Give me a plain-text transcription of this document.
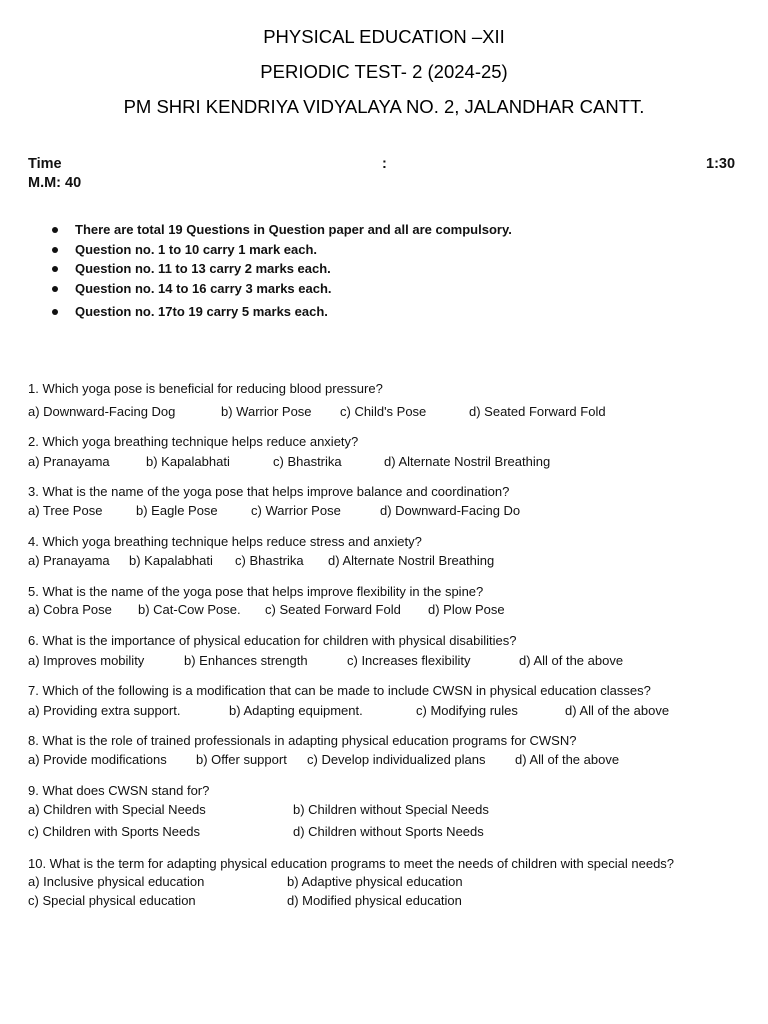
PHYSICAL EDUCATION –XII
PERIODIC TEST- 2 (2024-25)
PM SHRI KENDRIYA VIDYALAYA NO. 2, JALANDHAR CANTT.
Time	:	1:30
M.M: 40
There are total 19 Questions in Question paper and all are compulsory.
Question no. 1 to 10 carry 1 mark each.
Question no. 11 to 13 carry 2 marks each.
Question no. 14 to 16 carry 3 marks each.
Question no. 17to 19 carry 5 marks each.
1. Which yoga pose is beneficial for reducing blood pressure?
a) Downward-Facing Dog	b) Warrior Pose c) Child's Pose	d) Seated Forward Fold
2. Which yoga breathing technique helps reduce anxiety?
a) Pranayama	b) Kapalabhati	c) Bhastrika	d) Alternate Nostril Breathing
3. What is the name of the yoga pose that helps improve balance and coordination?
a) Tree Pose	b) Eagle Pose	c) Warrior Pose	d) Downward-Facing Do
4. Which yoga breathing technique helps reduce stress and anxiety?
a) Pranayama b) Kapalabhati c) Bhastrika d) Alternate Nostril Breathing
5. What is the name of the yoga pose that helps improve flexibility in the spine?
a) Cobra Pose b) Cat-Cow Pose. c) Seated Forward Fold d) Plow Pose
6. What is the importance of physical education for children with physical disabilities?
a) Improves mobility	b) Enhances strength	c) Increases flexibility	d) All of the above
7. Which of the following is a modification that can be made to include CWSN in physical education classes?
a) Providing extra support.	b) Adapting equipment.	c) Modifying rules	d) All of the above
8. What is the role of trained professionals in adapting physical education programs for CWSN?
a) Provide modifications b) Offer support c) Develop individualized plans d) All of the above
9. What does CWSN stand for?
a) Children with Special Needs	b) Children without Special Needs
c) Children with Sports Needs	d) Children without Sports Needs
10. What is the term for adapting physical education programs to meet the needs of children with special needs?
a) Inclusive physical education	b) Adaptive physical education
c) Special physical education	d) Modified physical education
